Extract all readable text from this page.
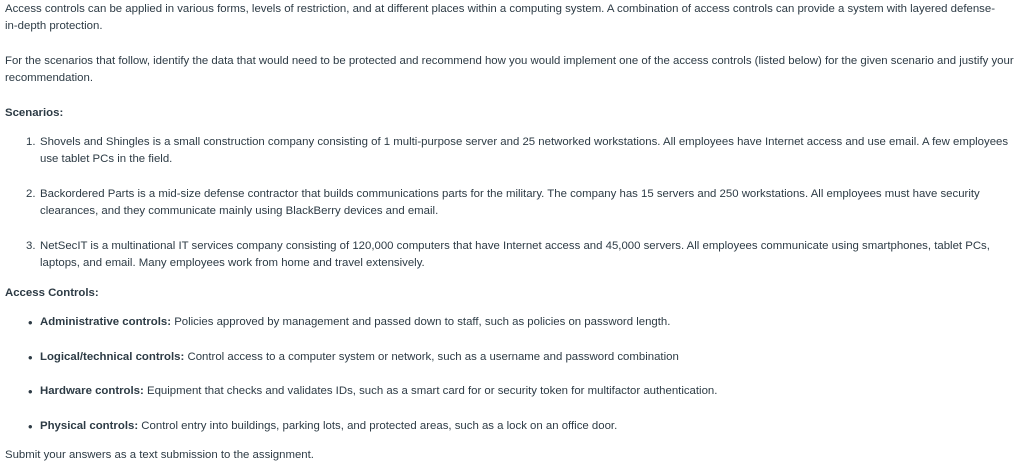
Access controls can be applied in various forms, levels of restriction, and at different places within a computing system. A combination of access controls can provide a system with layered defense-in-depth protection.

For the scenarios that follow, identify the data that would need to be protected and recommend how you would implement one of the access controls (listed below) for the given scenario and justify your recommendation.

Scenarios:
1. Shovels and Shingles is a small construction company consisting of 1 multi-purpose server and 25 networked workstations. All employees have Internet access and use email. A few employees use tablet PCs in the field.
2. Backordered Parts is a mid-size defense contractor that builds communications parts for the military. The company has 15 servers and 250 workstations. All employees must have security clearances, and they communicate mainly using BlackBerry devices and email.
3. NetSecIT is a multinational IT services company consisting of 120,000 computers that have Internet access and 45,000 servers. All employees communicate using smartphones, tablet PCs, laptops, and email. Many employees work from home and travel extensively.
Access Controls:
• Administrative controls: Policies approved by management and passed down to staff, such as policies on password length.
• Logical/technical controls: Control access to a computer system or network, such as a username and password combination
• Hardware controls: Equipment that checks and validates IDs, such as a smart card for or security token for multifactor authentication.
• Physical controls: Control entry into buildings, parking lots, and protected areas, such as a lock on an office door.

Submit your answers as a text submission to the assignment.
